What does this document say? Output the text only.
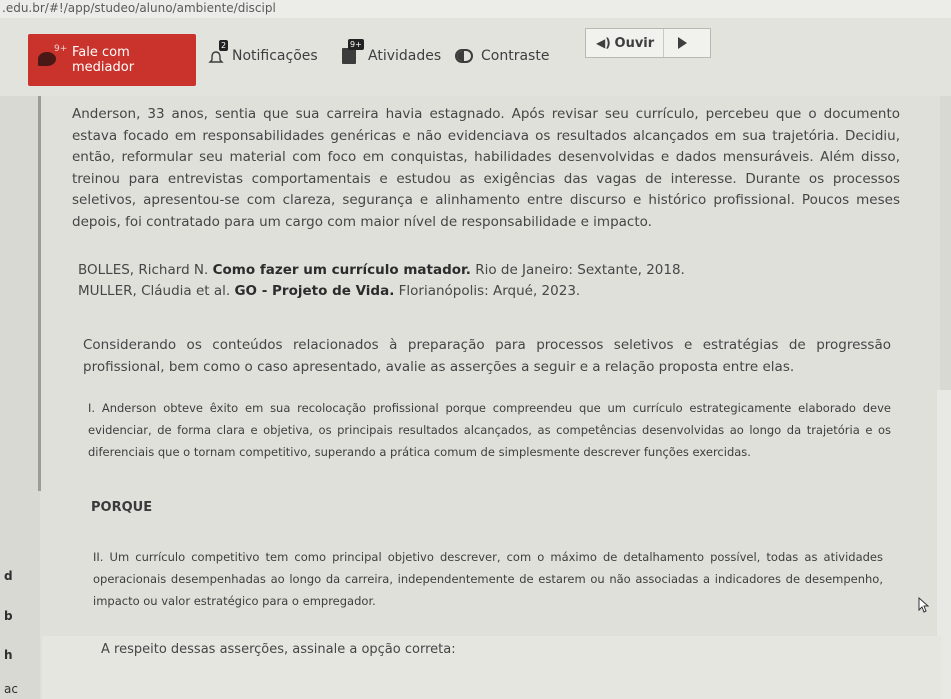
.edu.br/#!/app/studeo/aluno/ambiente/discipl
9+ Fale com mediador
2
Notificações
9+
Atividades	Contraste
◀) Ouvir
Anderson, 33 anos, sentia que sua carreira havia estagnado. Após revisar seu currículo, percebeu que o documento estava focado em responsabilidades genéricas e não evidenciava os resultados alcançados em sua trajetória. Decidiu, então, reformular seu material com foco em conquistas, habilidades desenvolvidas e dados mensuráveis. Além disso, treinou para entrevistas comportamentais e estudou as exigências das vagas de interesse. Durante os processos seletivos, apresentou-se com clareza, segurança e alinhamento entre discurso e histórico profissional. Poucos meses depois, foi contratado para um cargo com maior nível de responsabilidade e impacto.
BOLLES, Richard N. Como fazer um currículo matador. Rio de Janeiro: Sextante, 2018.
MULLER, Cláudia et al. GO - Projeto de Vida. Florianópolis: Arqué, 2023.
Considerando os conteúdos relacionados à preparação para processos seletivos e estratégias de progressão profissional, bem como o caso apresentado, avalie as asserções a seguir e a relação proposta entre elas.
I. Anderson obteve êxito em sua recolocação profissional porque compreendeu que um currículo estrategicamente elaborado deve evidenciar, de forma clara e objetiva, os principais resultados alcançados, as competências desenvolvidas ao longo da trajetória e os diferenciais que o tornam competitivo, superando a prática comum de simplesmente descrever funções exercidas.
PORQUE
II. Um currículo competitivo tem como principal objetivo descrever, com o máximo de detalhamento possível, todas as atividades operacionais desempenhadas ao longo da carreira, independentemente de estarem ou não associadas a indicadores de desempenho, impacto ou valor estratégico para o empregador.
A respeito dessas asserções, assinale a opção correta:
d
b
h
ac
